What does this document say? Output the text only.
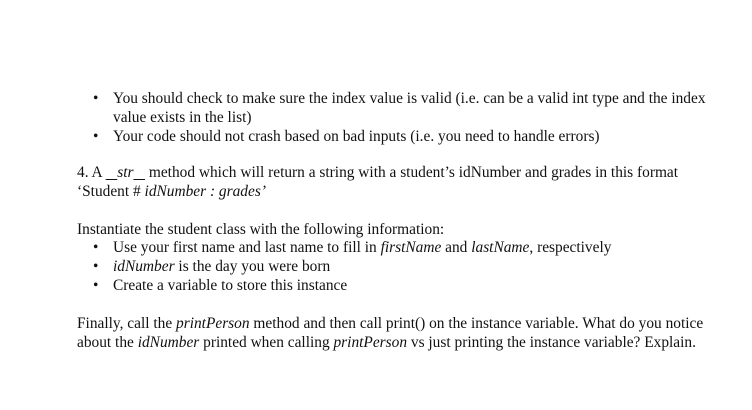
• You should check to make sure the index value is valid (i.e. can be a valid int type and the index value exists in the list)
• Your code should not crash based on bad inputs (i.e. you need to handle errors)

4. A    str    method which will return a string with a student’s idNumber and grades in this format ‘Student # idNumber : grades’

Instantiate the student class with the following information:

• Use your first name and last name to fill in firstName and lastName, respectively
• idNumber is the day you were born
• Create a variable to store this instance

Finally, call the printPerson method and then call print() on the instance variable. What do you notice about the idNumber printed when calling printPerson vs just printing the instance variable? Explain.
